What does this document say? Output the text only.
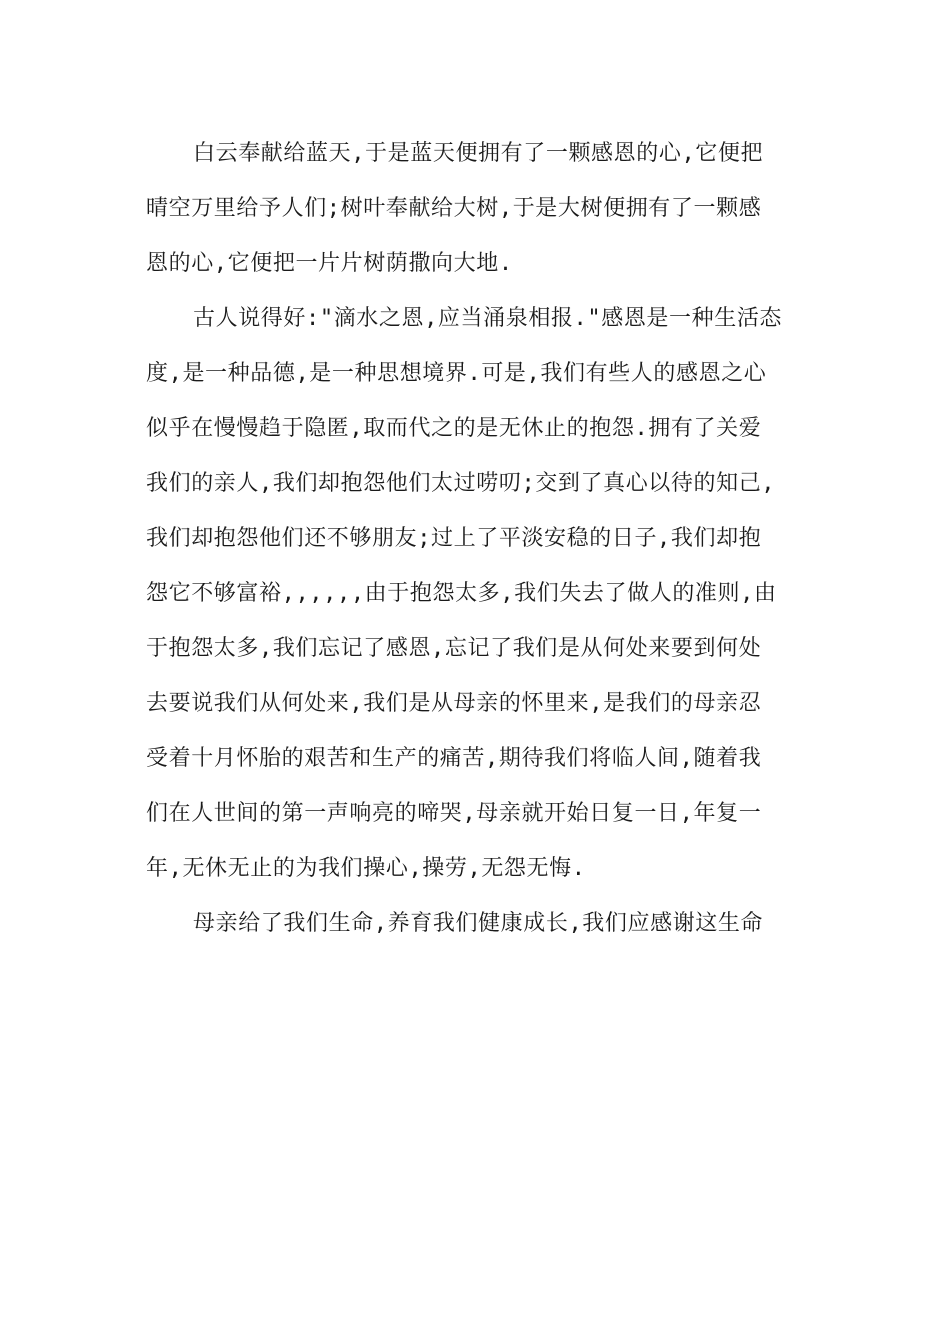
白云奉献给蓝天,于是蓝天便拥有了一颗感恩的心,它便把
晴空万里给予人们;树叶奉献给大树,于是大树便拥有了一颗感
恩的心,它便把一片片树荫撒向大地.
古人说得好:"滴水之恩,应当涌泉相报."感恩是一种生活态
度,是一种品德,是一种思想境界.可是,我们有些人的感恩之心
似乎在慢慢趋于隐匿,取而代之的是无休止的抱怨.拥有了关爱
我们的亲人,我们却抱怨他们太过唠叨;交到了真心以待的知己,
我们却抱怨他们还不够朋友;过上了平淡安稳的日子,我们却抱
怨它不够富裕,,,,,,由于抱怨太多,我们失去了做人的准则,由
于抱怨太多,我们忘记了感恩,忘记了我们是从何处来要到何处
去要说我们从何处来,我们是从母亲的怀里来,是我们的母亲忍
受着十月怀胎的艰苦和生产的痛苦,期待我们将临人间,随着我
们在人世间的第一声响亮的啼哭,母亲就开始日复一日,年复一
年,无休无止的为我们操心,操劳,无怨无悔.
母亲给了我们生命,养育我们健康成长,我们应感谢这生命
